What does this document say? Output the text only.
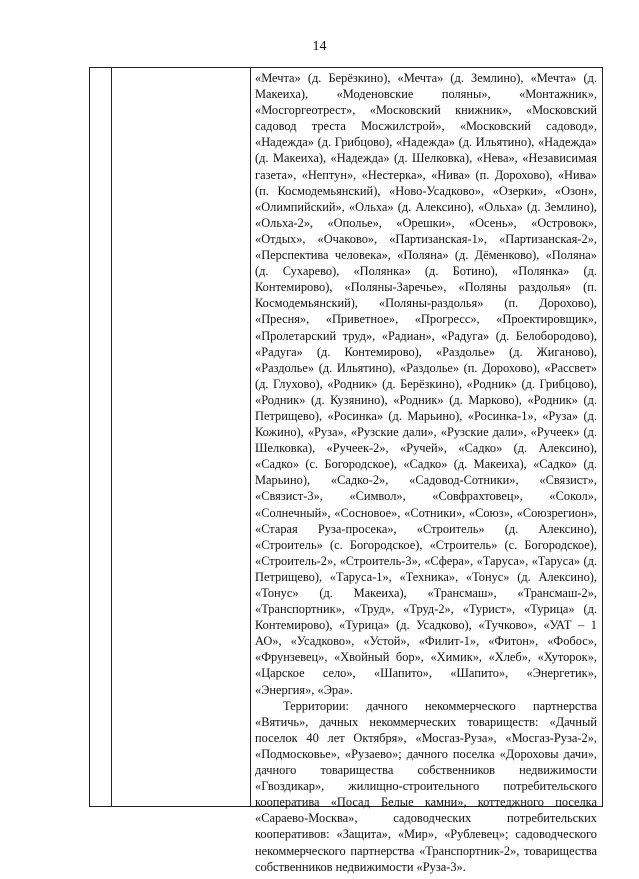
14

«Мечта» (д. Берёзкино), «Мечта» (д. Землино), «Мечта» (д. Макеиха), «Моденовские поляны», «Монтажник», «Мосгоргеотрест», «Московский книжник», «Московский садовод треста Мосжилстрой», «Московский садовод», «Надежда» (д. Грибцово), «Надежда» (д. Ильятино), «Надежда» (д. Макеиха), «Надежда» (д. Шелковка), «Нева», «Независимая газета», «Нептун», «Нестерка», «Нива» (п. Дорохово), «Нива» (п. Космодемьянский), «Ново-Усадково», «Озерки», «Озон», «Олимпийский», «Ольха» (д. Алексино), «Ольха» (д. Землино), «Ольха-2», «Ополье», «Орешки», «Осень», «Островок», «Отдых», «Очаково», «Партизанская-1», «Партизанская-2», «Перспектива человека», «Поляна» (д. Дёменково), «Поляна» (д. Сухарево), «Полянка» (д. Ботино), «Полянка» (д. Контемирово), «Поляны-Заречье», «Поляны раздолья» (п. Космодемьянский), «Поляны-раздолья» (п. Дорохово), «Пресня», «Приветное», «Прогресс», «Проектировщик», «Пролетарский труд», «Радиан», «Радуга» (д. Белобородово), «Радуга» (д. Контемирово), «Раздолье» (д. Жиганово), «Раздолье» (д. Ильятино), «Раздолье» (п. Дорохово), «Рассвет» (д. Глухово), «Родник» (д. Берёзкино), «Родник» (д. Грибцово), «Родник» (д. Кузянино), «Родник» (д. Марково), «Родник» (д. Петрищево), «Росинка» (д. Марьино), «Росинка-1», «Руза» (д. Кожино), «Руза», «Рузские дали», «Рузские дали», «Ручеек» (д. Шелковка), «Ручеек-2», «Ручей», «Садко» (д. Алексино), «Садко» (с. Богородское), «Садко» (д. Макеиха), «Садко» (д. Марьино), «Садко-2», «Садовод-Сотники», «Связист», «Связист-3», «Символ», «Совфрахтовец», «Сокол», «Солнечный», «Сосновое», «Сотники», «Союз», «Союзрегион», «Старая Руза-просека», «Строитель» (д. Алексино), «Строитель» (с. Богородское), «Строитель» (с. Богородское), «Строитель-2», «Строитель-3», «Сфера», «Таруса», «Таруса» (д. Петрищево), «Таруса-1», «Техника», «Тонус» (д. Алексино), «Тонус» (д. Макеиха), «Трансмаш», «Трансмаш-2», «Транспортник», «Труд», «Труд-2», «Турист», «Турица» (д. Контемирово), «Турица» (д. Усадково), «Тучково», «УАТ – 1 АО», «Усадково», «Устой», «Филит-1», «Фитон», «Фобос», «Фрунзевец», «Хвойный бор», «Химик», «Хлеб», «Хуторок», «Царское село», «Шапито», «Шапито», «Энергетик», «Энергия», «Эра».

Территории: дачного некоммерческого партнерства «Вятичь», дачных некоммерческих товариществ: «Дачный поселок 40 лет Октября», «Мосгаз-Руза», «Мосгаз-Руза-2», «Подмосковье», «Рузаево»; дачного поселка «Дороховы дачи», дачного товарищества собственников недвижимости «Гвоздикар», жилищно-строительного потребительского кооператива «Посад Белые камни», коттеджного поселка «Сараево-Москва», садоводческих потребительских кооперативов: «Защита», «Мир», «Рублевец»; садоводческого некоммерческого партнерства «Транспортник-2», товарищества собственников недвижимости «Руза-3».
